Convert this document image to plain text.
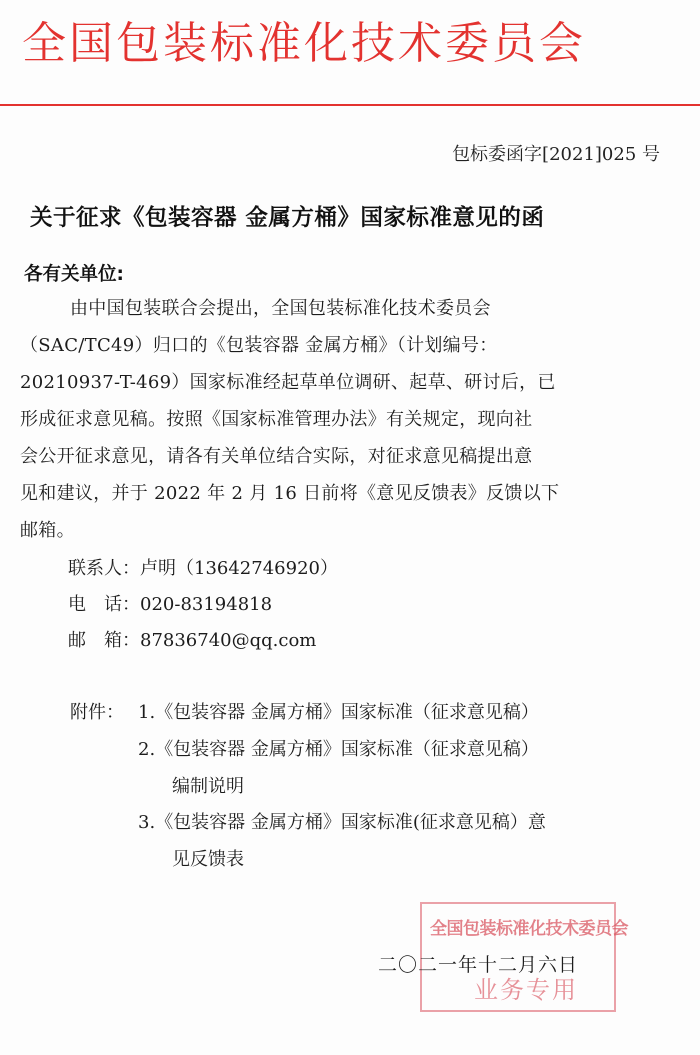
全国包装标准化技术委员会
包标委函字[2021]025 号
关于征求《包装容器 金属方桶》国家标准意见的函
各有关单位:
由中国包装联合会提出，全国包装标准化技术委员会
（SAC/TC49）归口的《包装容器 金属方桶》（计划编号：
20210937-T-469）国家标准经起草单位调研、起草、研讨后，已
形成征求意见稿。按照《国家标准管理办法》有关规定，现向社
会公开征求意见，请各有关单位结合实际，对征求意见稿提出意
见和建议，并于 2022 年 2 月 16 日前将《意见反馈表》反馈以下
邮箱。
联系人：卢明（13642746920）
电　话：020-83194818
邮　箱：87836740@qq.com
附件： 1.《包装容器 金属方桶》国家标准（征求意见稿）
2.《包装容器 金属方桶》国家标准（征求意见稿）
编制说明
3.《包装容器 金属方桶》国家标准(征求意见稿）意
见反馈表
全国包装标准化技术委员会
业务专用
二〇二一年十二月六日
